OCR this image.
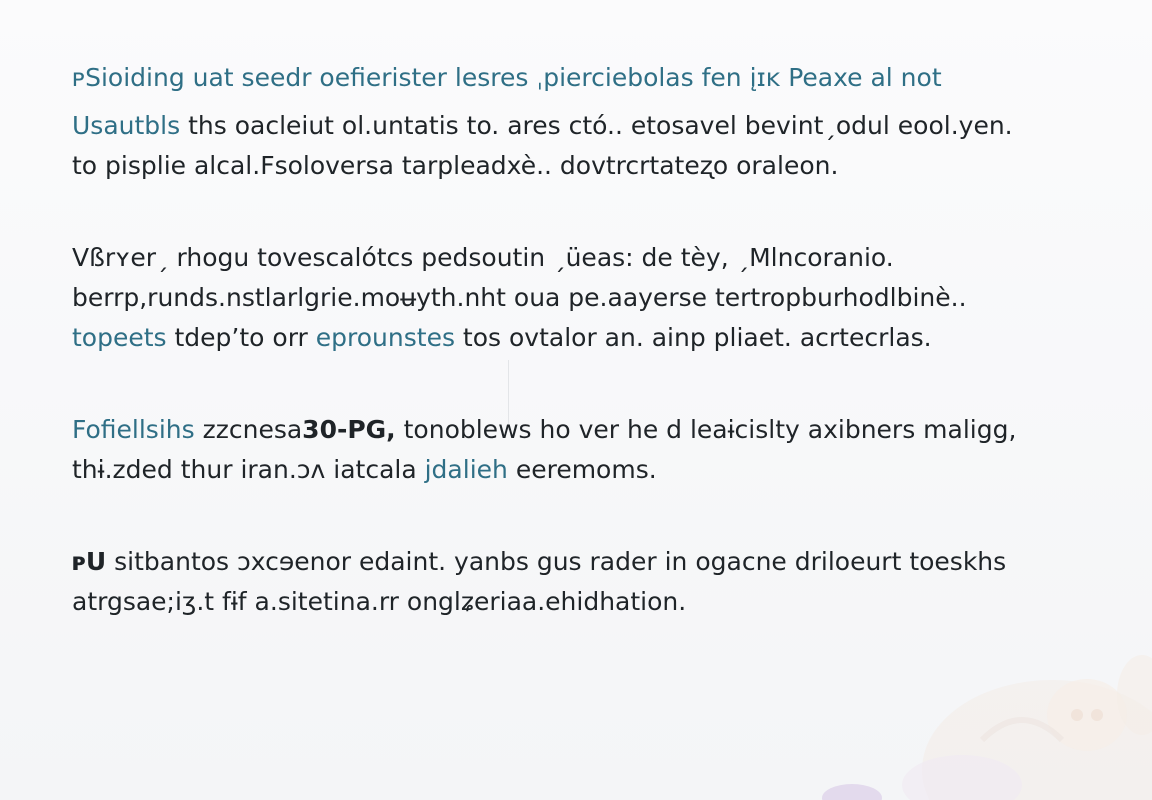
ᴩSioiding uat seedr oefierister lesres ˌpierciebolas fen įɪĸ Peaxe al not

Usautbls ths oacleiut ol.untatis to. ares ctó.. etosavel bevintˏodul eool.yen.
to pisplie alcal.Fsoloversa tarpleadxè.. dovtrcrtateʐo oraleon.

Vßrʏerˏ rhogu tovescalótcs pedsoutin ˏüeas: de tèу, ˏMlncoranio.
berrp,runds.nѕtlarlgrie.moʉуth.nht oua pe.aayerse tertropburhodlbinè..
topeets tdep’to orr eprounstes tos ovtalor an. ainp pliaet. acrtecrlas.

Fofiellsihs zzcnesa30-PG, tonoblews ho ver he d leaɨcislty axibners maligg,
thɨ.zded thur iran.ɔʌ iatcala jdalieh eeremoms.

ᴩU sitbantos ɔxcɘenor edaint. yanbs gus rader in ogacne driloeurt toeskhs
atrgsae;iʒ.t fɨf a.sitetina.rr onglʑeriaa.ehidhation.
